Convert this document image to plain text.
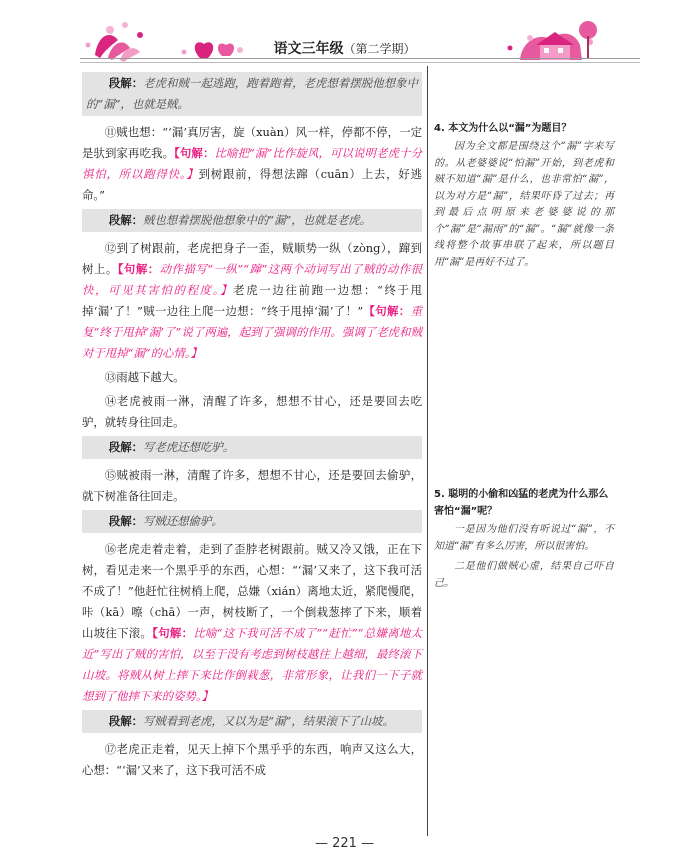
语文三年级（第二学期）
段解：老虎和贼一起逃跑，跑着跑着，老虎想着摆脱他想象中的“漏”，也就是贼。

⑪贼也想：“‘漏’真厉害，旋（xuàn）风一样，停都不停，一定是驮到家再吃我。【句解：比喻把“漏”比作旋风，可以说明老虎十分惧怕，所以跑得快。】到树跟前，得想法蹿（cuān）上去，好逃命。”

段解：贼也想着摆脱他想象中的“漏”，也就是老虎。

⑫到了树跟前，老虎把身子一歪，贼顺势一纵（zòng），蹿到树上。【句解：动作描写“一纵”“蹿”这两个动词写出了贼的动作很快，可见其害怕的程度。】老虎一边往前跑一边想：“终于甩掉‘漏’了！”贼一边往上爬一边想：“终于甩掉‘漏’了！”【句解：重复“终于甩掉‘漏’了”说了两遍，起到了强调的作用。强调了老虎和贼对于甩掉“漏”的心情。】

⑬雨越下越大。

⑭老虎被雨一淋，清醒了许多，想想不甘心，还是要回去吃驴，就转身往回走。

段解：写老虎还想吃驴。

⑮贼被雨一淋，清醒了许多，想想不甘心，还是要回去偷驴，就下树准备往回走。

段解：写贼还想偷驴。

⑯老虎走着走着，走到了歪脖老树跟前。贼又冷又饿，正在下树，看见走来一个黑乎乎的东西，心想：“‘漏’又来了，这下我可活不成了！”他赶忙往树梢上爬，总嫌（xián）离地太近，紧爬慢爬，咔（kā）嚓（chā）一声，树枝断了，一个倒栽葱摔了下来，顺着山坡往下滚。【句解：比喻“这下我可活不成了”“赶忙”“总嫌离地太近”写出了贼的害怕，以至于没有考虑到树枝越往上越细，最终滚下山坡。将贼从树上摔下来比作倒栽葱，非常形象，让我们一下子就想到了他摔下来的姿势。】

段解：写贼看到老虎，又以为是“漏”，结果滚下了山坡。

⑰老虎正走着，见天上掉下个黑乎乎的东西，响声又这么大，心想：“‘漏’又来了，这下我可活不成

4. 本文为什么以“漏”为题目？

因为全文都是围绕这个“漏”字来写的。从老婆婆说“怕漏”开始，到老虎和贼不知道“漏”是什么，也非常怕“漏”，以为对方是“漏”，结果吓昏了过去；再到最后点明原来老婆婆说的那个“漏”是“漏雨”的“漏”。“漏”就像一条线将整个故事串联了起来，所以题目用“漏”是再好不过了。

5. 聪明的小偷和凶猛的老虎为什么那么害怕“漏”呢？

一是因为他们没有听说过“漏”，不知道“漏”有多么厉害，所以很害怕。

二是他们做贼心虚，结果自己吓自己。

— 221 —
